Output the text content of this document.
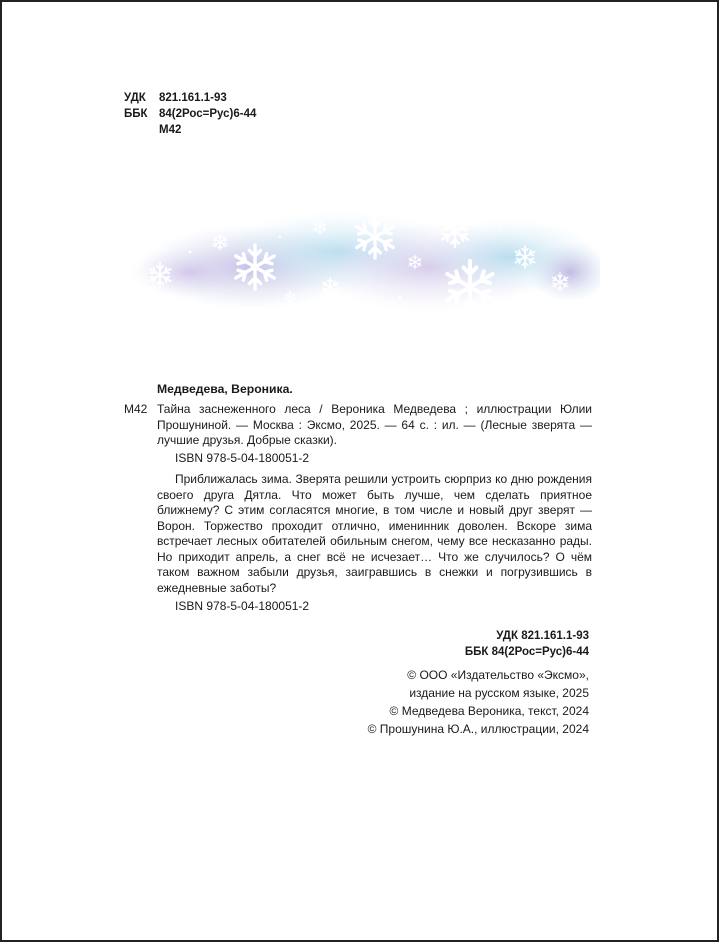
УДК	821.161.1-93
ББК 84(2Рос=Рус)6-44
М42
Медведева, Вероника.
М42 Тайна заснеженного леса / Вероника Медведева ; иллюстрации Юлии Прошуниной. — Москва : Эксмо, 2025. — 64 с. : ил. — (Лесные зверята — лучшие друзья. Добрые сказки).
ISBN 978-5-04-180051-2
Приближалась зима. Зверята решили устроить сюрприз ко дню рождения своего друга Дятла. Что может быть лучше, чем сделать приятное ближнему? С этим согласятся многие, в том числе и новый друг зверят — Ворон. Торжество проходит отлично, именинник доволен. Вскоре зима встречает лесных обитателей обильным снегом, чему все несказанно рады. Но приходит апрель, а снег всё не исчезает… Что же случилось? О чём таком важном забыли друзья, заигравшись в снежки и погрузившись в ежедневные заботы?
ISBN 978-5-04-180051-2
УДК 821.161.1-93
ББК 84(2Рос=Рус)6-44
© ООО «Издательство «Эксмо»,
издание на русском языке, 2025
© Медведева Вероника, текст, 2024
© Прошунина Ю.А., иллюстрации, 2024
